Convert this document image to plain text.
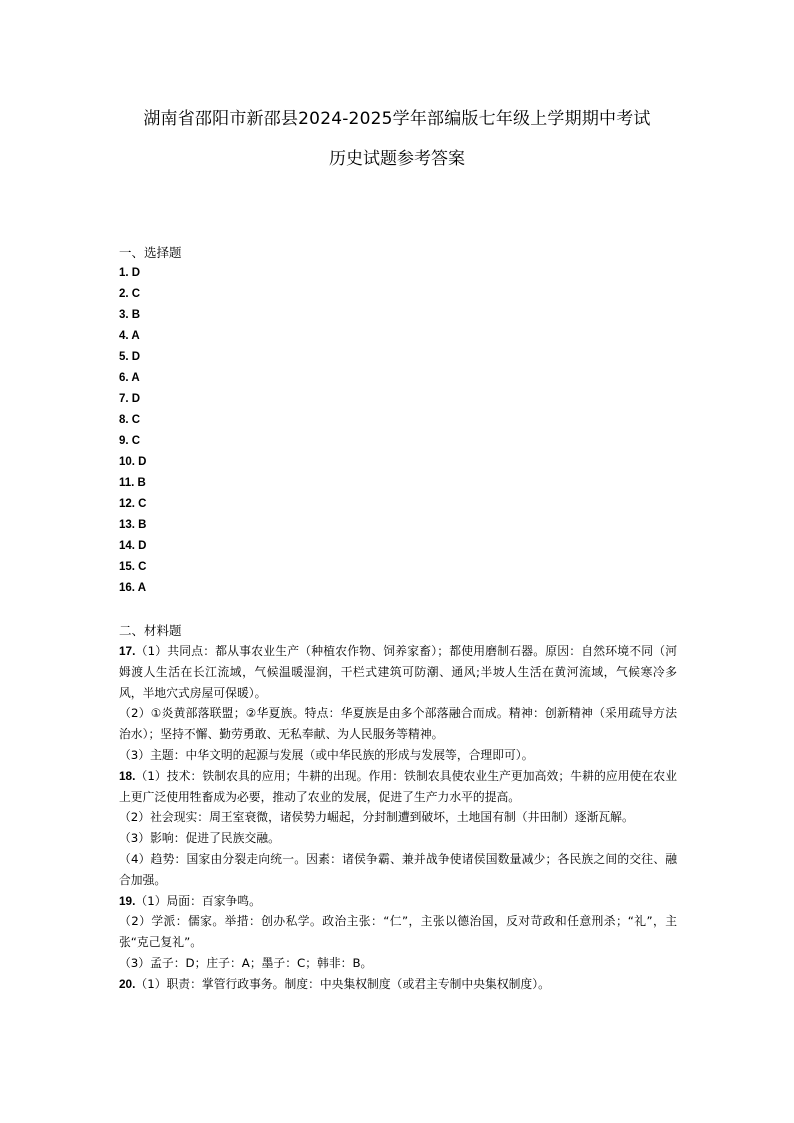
湖南省邵阳市新邵县2024-2025学年部编版七年级上学期期中考试
历史试题参考答案
一、选择题
1. D
2. C
3. B
4. A
5. D
6. A
7. D
8. C
9. C
10. D
11. B
12. C
13. B
14. D
15. C
16. A
二、材料题
17.（1）共同点：都从事农业生产（种植农作物、饲养家畜）；都使用磨制石器。原因：自然环境不同（河姆渡人生活在长江流域，气候温暖湿润，干栏式建筑可防潮、通风;半坡人生活在黄河流域，气候寒冷多风，半地穴式房屋可保暖）。
（2）①炎黄部落联盟；②华夏族。特点：华夏族是由多个部落融合而成。精神：创新精神（采用疏导方法治水）；坚持不懈、勤劳勇敢、无私奉献、为人民服务等精神。
（3）主题：中华文明的起源与发展（或中华民族的形成与发展等，合理即可）。
18.（1）技术：铁制农具的应用；牛耕的出现。作用：铁制农具使农业生产更加高效；牛耕的应用使在农业上更广泛使用牲畜成为必要，推动了农业的发展，促进了生产力水平的提高。
（2）社会现实：周王室衰微，诸侯势力崛起，分封制遭到破坏，土地国有制（井田制）逐渐瓦解。
（3）影响：促进了民族交融。
（4）趋势：国家由分裂走向统一。因素：诸侯争霸、兼并战争使诸侯国数量减少；各民族之间的交往、融合加强。
19.（1）局面：百家争鸣。
（2）学派：儒家。举措：创办私学。政治主张：“仁”，主张以德治国，反对苛政和任意刑杀；“礼”，主张“克己复礼”。
（3）孟子：D；庄子：A；墨子：C；韩非：B。
20.（1）职责：掌管行政事务。制度：中央集权制度（或君主专制中央集权制度）。
